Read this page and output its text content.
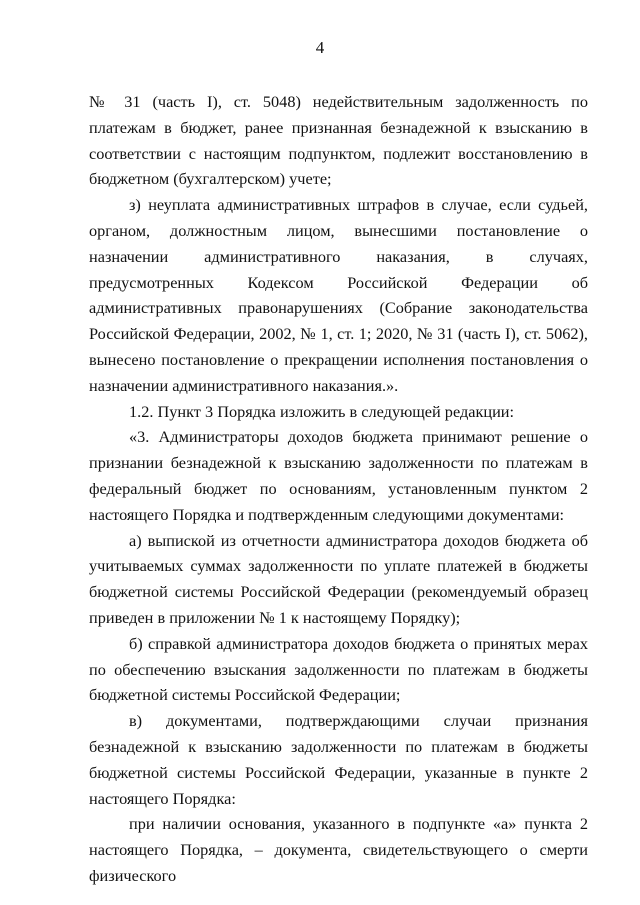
4

№ 31 (часть I), ст. 5048) недействительным задолженность по платежам в бюджет, ранее признанная безнадежной к взысканию в соответствии с настоящим подпунктом, подлежит восстановлению в бюджетном (бухгалтерском) учете;

з) неуплата административных штрафов в случае, если судьей, органом, должностным лицом, вынесшими постановление о назначении административного наказания, в случаях, предусмотренных Кодексом Российской Федерации об административных правонарушениях (Собрание законодательства Российской Федерации, 2002, № 1, ст. 1; 2020, № 31 (часть I), ст. 5062), вынесено постановление о прекращении исполнения постановления о назначении административного наказания.».

1.2. Пункт 3 Порядка изложить в следующей редакции:

«3. Администраторы доходов бюджета принимают решение о признании безнадежной к взысканию задолженности по платежам в федеральный бюджет по основаниям, установленным пунктом 2 настоящего Порядка и подтвержденным следующими документами:

а) выпиской из отчетности администратора доходов бюджета об учитываемых суммах задолженности по уплате платежей в бюджеты бюджетной системы Российской Федерации (рекомендуемый образец приведен в приложении № 1 к настоящему Порядку);

б) справкой администратора доходов бюджета о принятых мерах по обеспечению взыскания задолженности по платежам в бюджеты бюджетной системы Российской Федерации;

в) документами, подтверждающими случаи признания безнадежной к взысканию задолженности по платежам в бюджеты бюджетной системы Российской Федерации, указанные в пункте 2 настоящего Порядка:

при наличии основания, указанного в подпункте «а» пункта 2 настоящего Порядка, – документа, свидетельствующего о смерти физического
